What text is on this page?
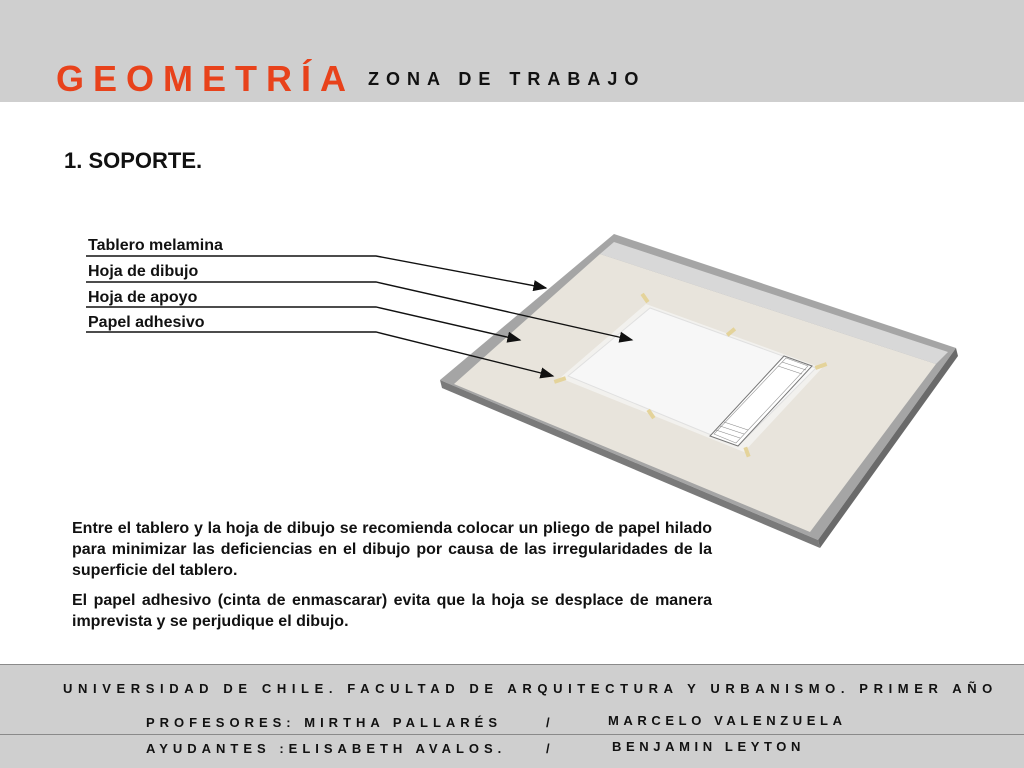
GEOMETRÍA ZONA DE TRABAJO
1. SOPORTE.
Tablero melamina
Hoja de dibujo
Hoja de apoyo
Papel adhesivo

Entre el tablero y la hoja de dibujo se recomienda colocar un pliego de papel hilado para minimizar las deficiencias en el dibujo por causa de las irregularidades de la superficie del tablero.

El papel adhesivo (cinta de enmascarar) evita que la hoja se desplace de manera imprevista y se perjudique el dibujo.

UNIVERSIDAD DE CHILE. FACULTAD DE ARQUITECTURA Y URBANISMO. PRIMER AÑO
PROFESORES: MIRTHA PALLARÉS	/	MARCELO VALENZUELA
AYUDANTES :ELISABETH AVALOS.	/	BENJAMIN LEYTON
